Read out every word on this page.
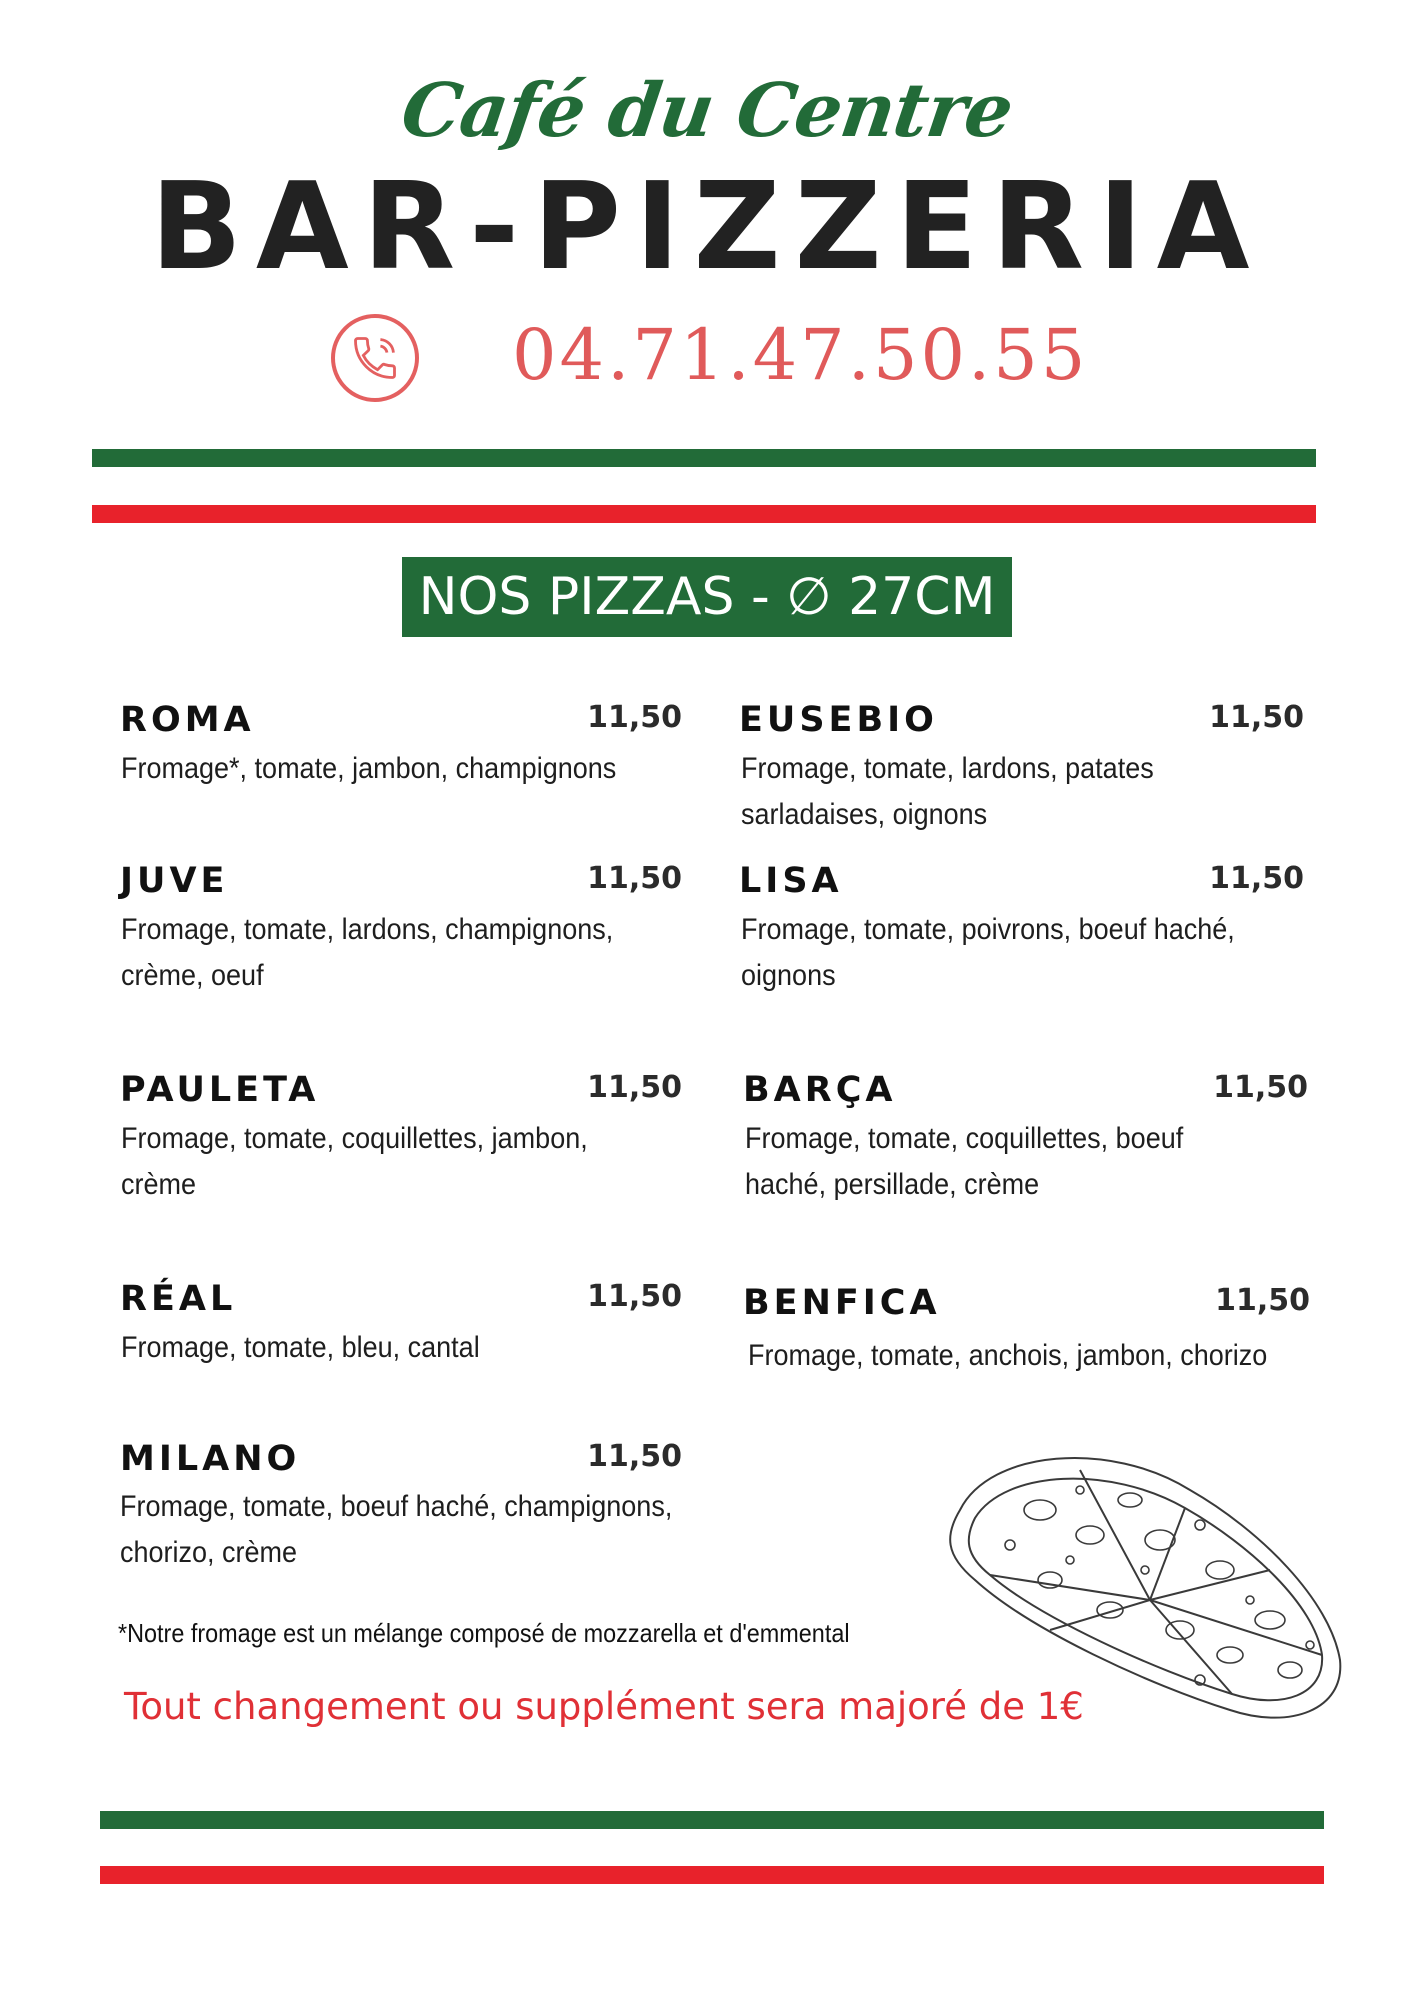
Café du Centre
BAR-PIZZERIA
04.71.47.50.55
NOS PIZZAS - ∅ 27CM
ROMA	11,50
Fromage*, tomate, jambon, champignons
JUVE	11,50
Fromage, tomate, lardons, champignons, crème, oeuf
PAULETA	11,50
Fromage, tomate, coquillettes, jambon, crème
RÉAL	11,50
Fromage, tomate, bleu, cantal
MILANO	11,50
Fromage, tomate, boeuf haché, champignons, chorizo, crème
EUSEBIO	11,50
Fromage, tomate, lardons, patates sarladaises, oignons
LISA	11,50
Fromage, tomate, poivrons, boeuf haché, oignons
BARÇA	11,50
Fromage, tomate, coquillettes, boeuf haché, persillade, crème
BENFICA	11,50
Fromage, tomate, anchois, jambon, chorizo
*Notre fromage est un mélange composé de mozzarella et d'emmental
Tout changement ou supplément sera majoré de 1€
